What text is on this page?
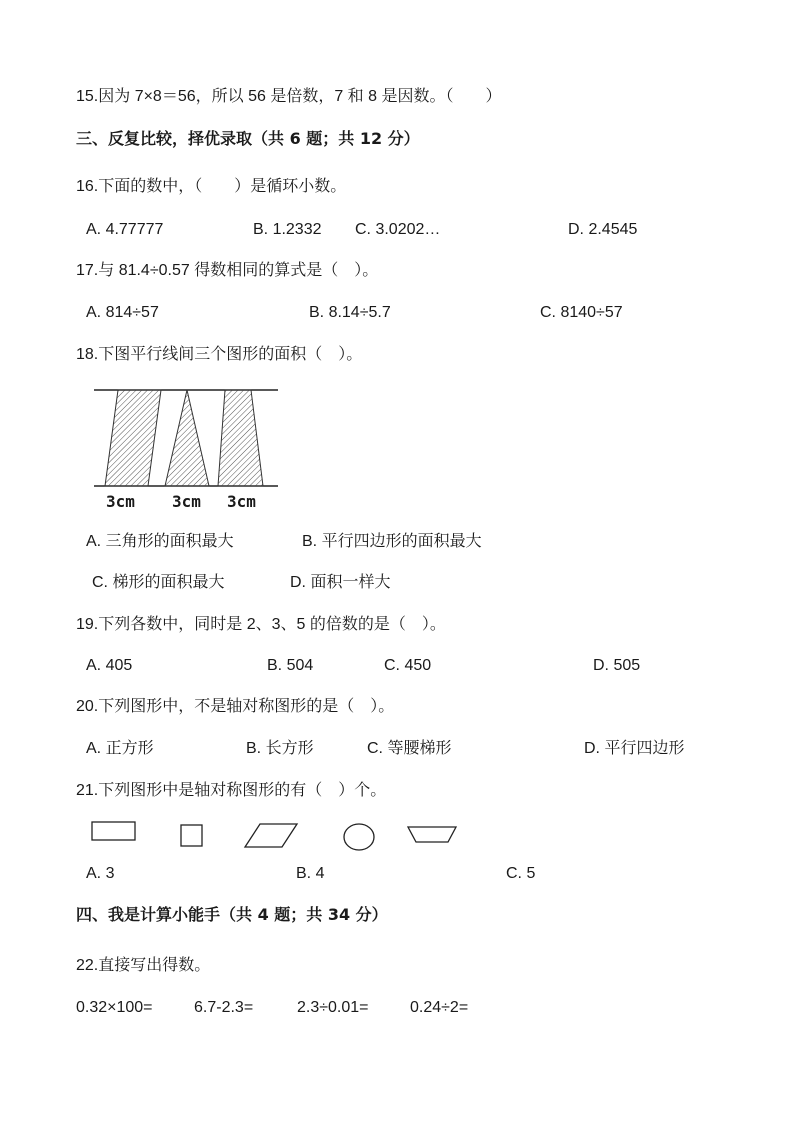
15.因为 7×8＝56，所以 56 是倍数，7 和 8 是因数。（　　）
三、反复比较，择优录取（共 6 题；共 12 分）
16.下面的数中，（　　）是循环小数。
A. 4.77777	B. 1.2332 C. 3.0202…	D. 2.4545
17.与 81.4÷0.57 得数相同的算式是（　）。
A. 814÷57	B. 8.14÷5.7	C. 8140÷57
18.下图平行线间三个图形的面积（　）。
3cm 3cm 3cm
A. 三角形的面积最大	B. 平行四边形的面积最大
C. 梯形的面积最大	D. 面积一样大
19.下列各数中，同时是 2、3、5 的倍数的是（　）。
A. 405	B. 504	C. 450	D. 505
20.下列图形中，不是轴对称图形的是（　）。
A. 正方形	B. 长方形	C. 等腰梯形	D. 平行四边形
21.下列图形中是轴对称图形的有（　）个。
A. 3	B. 4	C. 5
四、我是计算小能手（共 4 题；共 34 分）
22.直接写出得数。
0.32×100=	6.7-2.3=	2.3÷0.01=	0.24÷2=
